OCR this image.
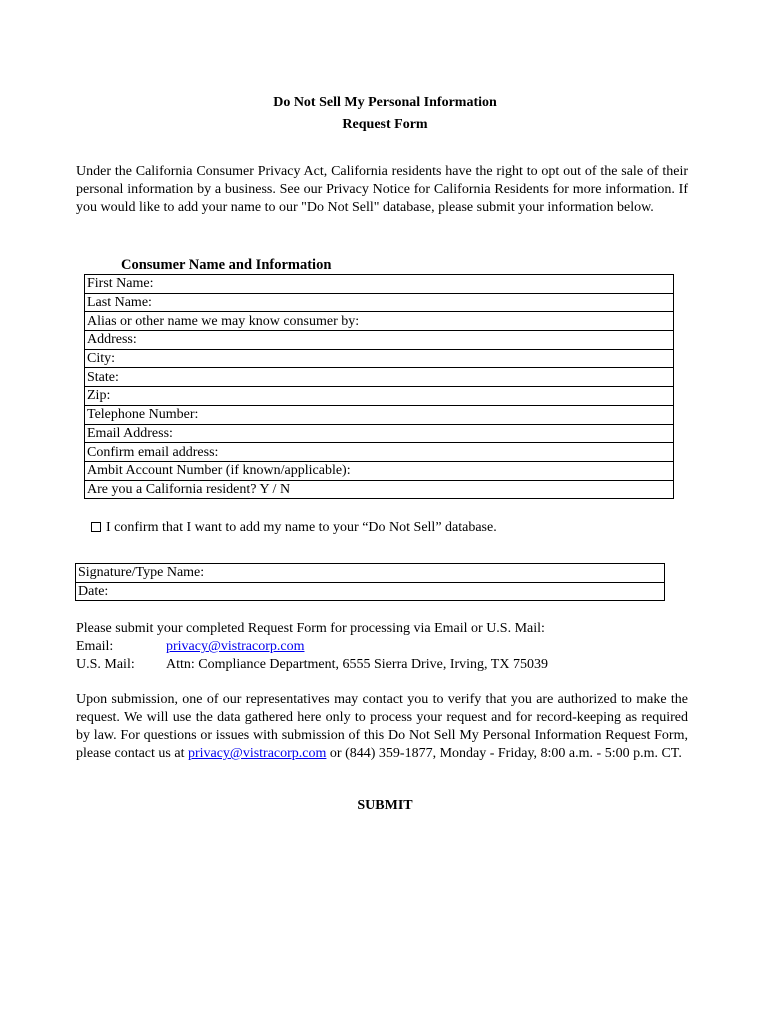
Do Not Sell My Personal Information
Request Form
Under the California Consumer Privacy Act, California residents have the right to opt out of the sale of their personal information by a business. See our Privacy Notice for California Residents for more information. If you would like to add your name to our "Do Not Sell" database, please submit your information below.
Consumer Name and Information
First Name:
Last Name:
Alias or other name we may know consumer by:
Address:
City:
State:
Zip:
Telephone Number:
Email Address:
Confirm email address:
Ambit Account Number (if known/applicable):
Are you a California resident? Y / N
I confirm that I want to add my name to your “Do Not Sell” database.
Signature/Type Name:
Date:
Please submit your completed Request Form for processing via Email or U.S. Mail:
Email:	privacy@vistracorp.com
U.S. Mail: Attn: Compliance Department, 6555 Sierra Drive, Irving, TX 75039
Upon submission, one of our representatives may contact you to verify that you are authorized to make the request. We will use the data gathered here only to process your request and for record-keeping as required by law. For questions or issues with submission of this Do Not Sell My Personal Information Request Form, please contact us at privacy@vistracorp.com or (844) 359-1877, Monday - Friday, 8:00 a.m. - 5:00 p.m. CT.
SUBMIT
